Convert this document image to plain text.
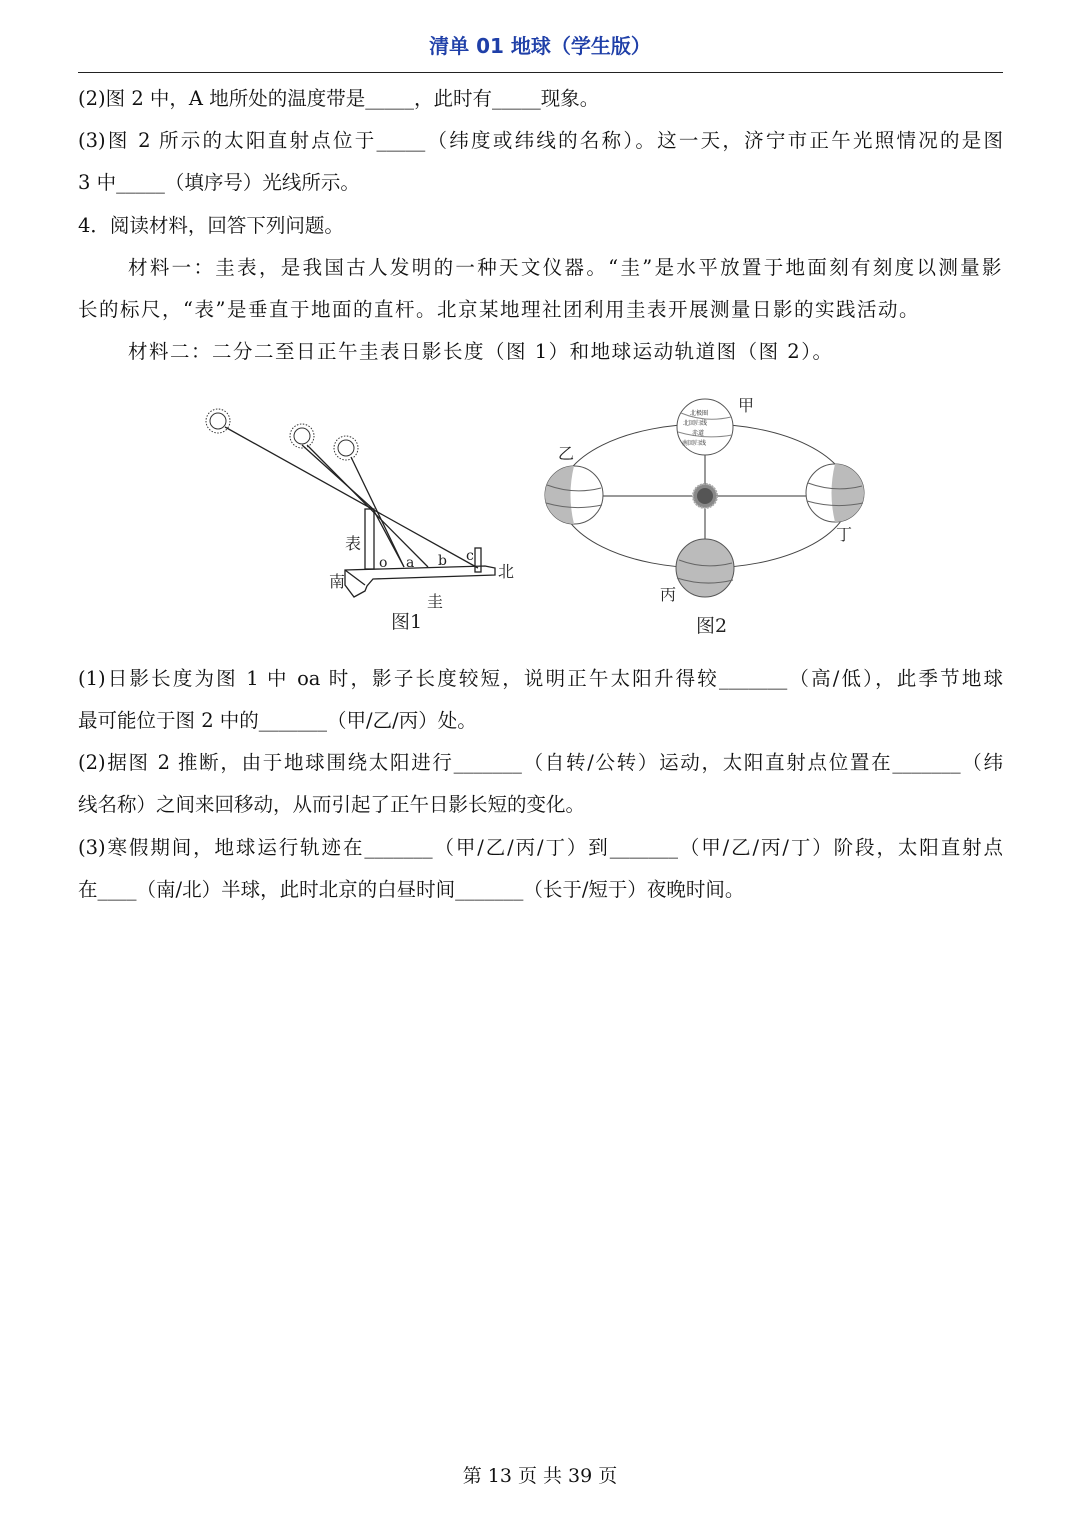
清单 01 地球（学生版）
(2)图 2 中，A 地所处的温度带是_____，此时有_____现象。
(3)图 2 所示的太阳直射点位于_____（纬度或纬线的名称）。这一天，济宁市正午光照情况的是图
3 中_____（填序号）光线所示。
4．阅读材料，回答下列问题。
材料一：圭表，是我国古人发明的一种天文仪器。“圭”是水平放置于地面刻有刻度以测量影
长的标尺，“表”是垂直于地面的直杆。北京某地理社团利用圭表开展测量日影的实践活动。
材料二：二分二至日正午圭表日影长度（图 1）和地球运动轨道图（图 2）。
表
南
北
圭
o a b c
图1
北极圈
北回归线
赤道
南回归线
甲
乙
丙
丁
图2
(1)日影长度为图 1 中 oa 时，影子长度较短，说明正午太阳升得较_______（高/低），此季节地球
最可能位于图 2 中的_______（甲/乙/丙）处。
(2)据图 2 推断，由于地球围绕太阳进行_______（自转/公转）运动，太阳直射点位置在_______（纬
线名称）之间来回移动，从而引起了正午日影长短的变化。
(3)寒假期间，地球运行轨迹在_______（甲/乙/丙/丁）到_______（甲/乙/丙/丁）阶段，太阳直射点
在____（南/北）半球，此时北京的白昼时间_______（长于/短于）夜晚时间。
第 13 页 共 39 页
